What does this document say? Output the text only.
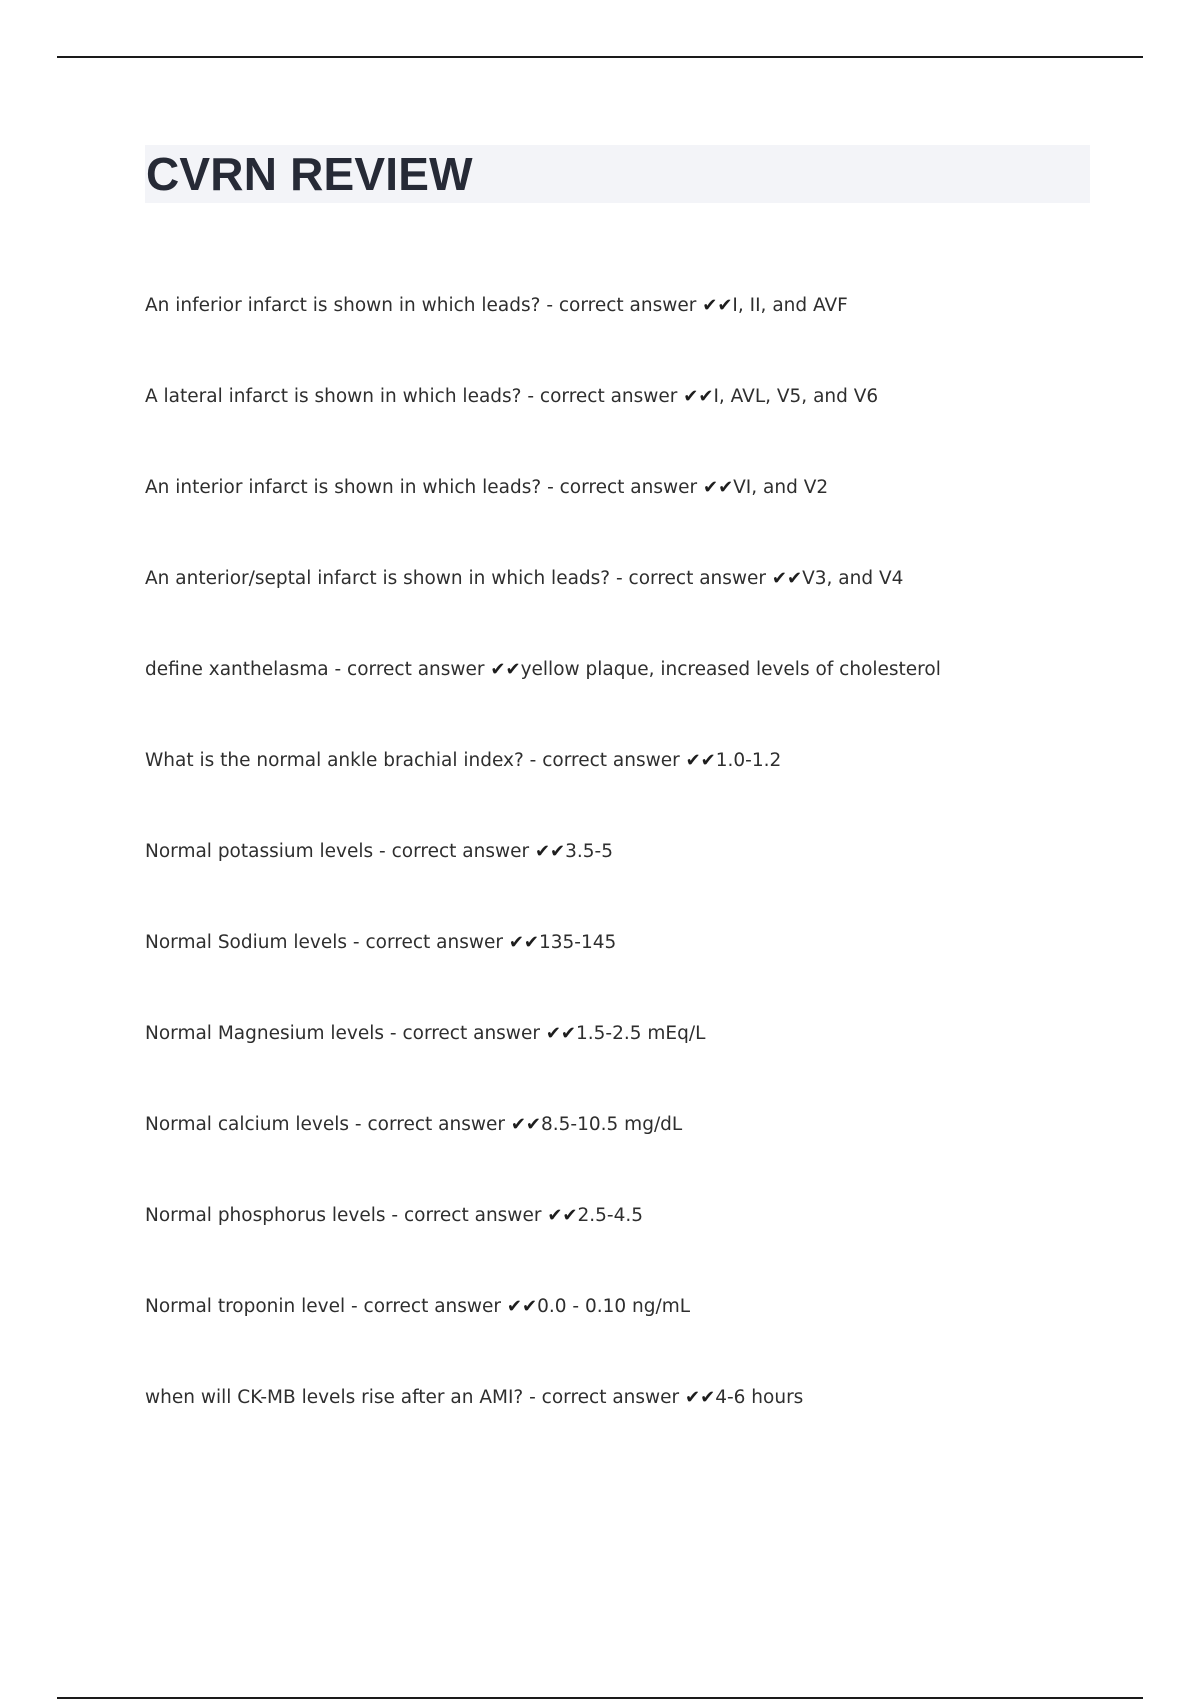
CVRN REVIEW
An inferior infarct is shown in which leads? - correct answer ✔✔I, II, and AVF
A lateral infarct is shown in which leads? - correct answer ✔✔I, AVL, V5, and V6
An interior infarct is shown in which leads? - correct answer ✔✔VI, and V2
An anterior/septal infarct is shown in which leads? - correct answer ✔✔V3, and V4
define xanthelasma - correct answer ✔✔yellow plaque, increased levels of cholesterol
What is the normal ankle brachial index? - correct answer ✔✔1.0-1.2
Normal potassium levels - correct answer ✔✔3.5-5
Normal Sodium levels - correct answer ✔✔135-145
Normal Magnesium levels - correct answer ✔✔1.5-2.5 mEq/L
Normal calcium levels - correct answer ✔✔8.5-10.5 mg/dL
Normal phosphorus levels - correct answer ✔✔2.5-4.5
Normal troponin level - correct answer ✔✔0.0 - 0.10 ng/mL
when will CK-MB levels rise after an AMI? - correct answer ✔✔4-6 hours
